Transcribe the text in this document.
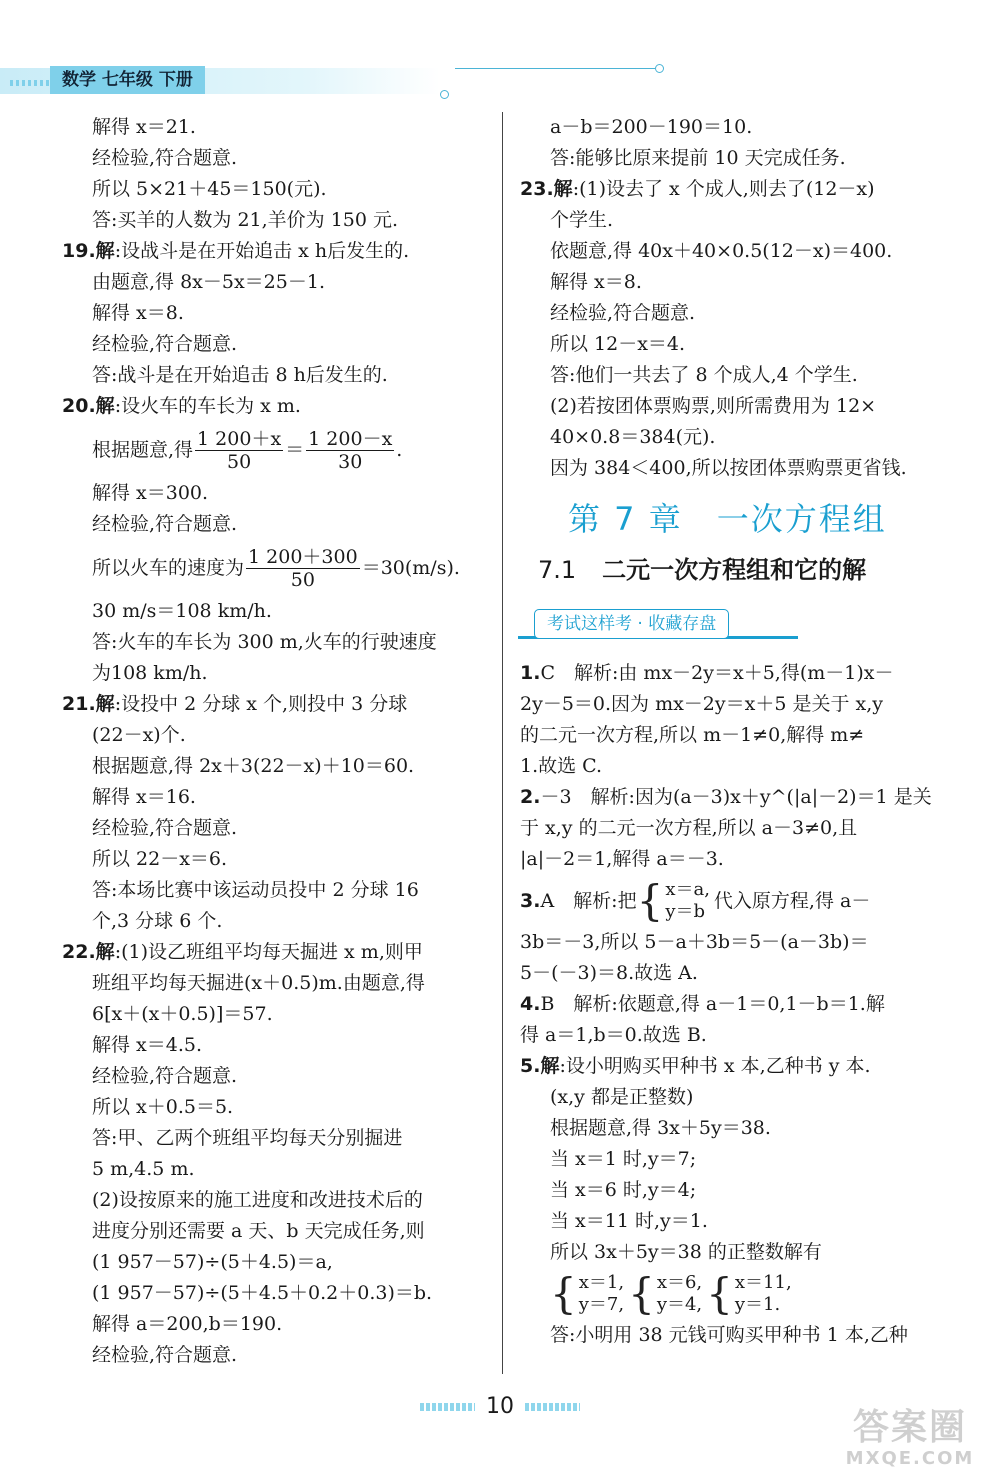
数学 七年级 下册
解得 x＝21.
经检验,符合题意.
所以 5×21＋45＝150(元).
答:买羊的人数为 21,羊价为 150 元.
19.解:设战斗是在开始追击 x h后发生的.
由题意,得 8x－5x＝25－1.
解得 x＝8.
经检验,符合题意.
答:战斗是在开始追击 8 h后发生的.
20.解:设火车的车长为 x m.
根据题意,得 $\frac{1 200+x}{50} = \frac{1 200-x}{30}$ .
解得 x＝300.
经检验,符合题意.
所以火车的速度为 $\frac{1 200+300}{50} =30(m/s)$.
30 m/s＝108 km/h.
答:火车的车长为 300 m,火车的行驶速度
为108 km/h.
21.解:设投中 2 分球 x 个,则投中 3 分球
(22－x)个.
根据题意,得 2x＋3(22－x)＋10＝60.
解得 x＝16.
经检验,符合题意.
所以 22－x＝6.
答:本场比赛中该运动员投中 2 分球 16
个,3 分球 6 个.
22.解:(1)设乙班组平均每天掘进 x m,则甲
班组平均每天掘进(x＋0.5)m.由题意,得
6[x＋(x＋0.5)]＝57.
解得 x＝4.5.
经检验,符合题意.
所以 x＋0.5＝5.
答:甲、乙两个班组平均每天分别掘进
5 m,4.5 m.
(2)设按原来的施工进度和改进技术后的
进度分别还需要 a 天、b 天完成任务,则
(1 957－57)÷(5＋4.5)＝a,
(1 957－57)÷(5＋4.5＋0.2＋0.3)＝b.
解得 a＝200,b＝190.
经检验,符合题意.
a－b＝200－190＝10.
答:能够比原来提前 10 天完成任务.
23.解:(1)设去了 x 个成人,则去了(12－x)
个学生.
依题意,得 40x＋40×0.5(12－x)＝400.
解得 x＝8.
经检验,符合题意.
所以 12－x＝4.
答:他们一共去了 8 个成人,4 个学生.
(2)若按团体票购票,则所需费用为 12×
40×0.8＝384(元).
因为 384＜400,所以按团体票购票更省钱.
第 7 章　一次方程组
7.1 二元一次方程组和它的解
考试这样考 · 收藏存盘
1.C　解析:由 mx－2y＝x＋5,得(m－1)x－
2y－5＝0.因为 mx－2y＝x＋5 是关于 x,y
的二元一次方程,所以 m－1≠0,解得 m≠
1.故选 C.
2.－3　解析:因为(a－3)x＋y^(|a|－2)＝1 是关
于 x,y 的二元一次方程,所以 a－3≠0,且
|a|－2＝1,解得 a＝－3.
3. A　解析:把 { x＝a,
y＝b 代入原方程,得 a－
3b＝－3,所以 5－a＋3b＝5－(a－3b)＝
5－(－3)＝8.故选 A.
4.B　解析:依题意,得 a－1＝0,1－b＝1.解
得 a＝1,b＝0.故选 B.
5.解:设小明购买甲种书 x 本,乙种书 y 本.
(x,y 都是正整数)
根据题意,得 3x＋5y＝38.
当 x＝1 时,y＝7;
当 x＝6 时,y＝4;
当 x＝11 时,y＝1.
所以 3x＋5y＝38 的正整数解有
{ x＝1,
y＝7, { x＝6,
y＝4, { x＝11,
y＝1.
答:小明用 38 元钱可购买甲种书 1 本,乙种
10
答案圈
MXQE.COM
